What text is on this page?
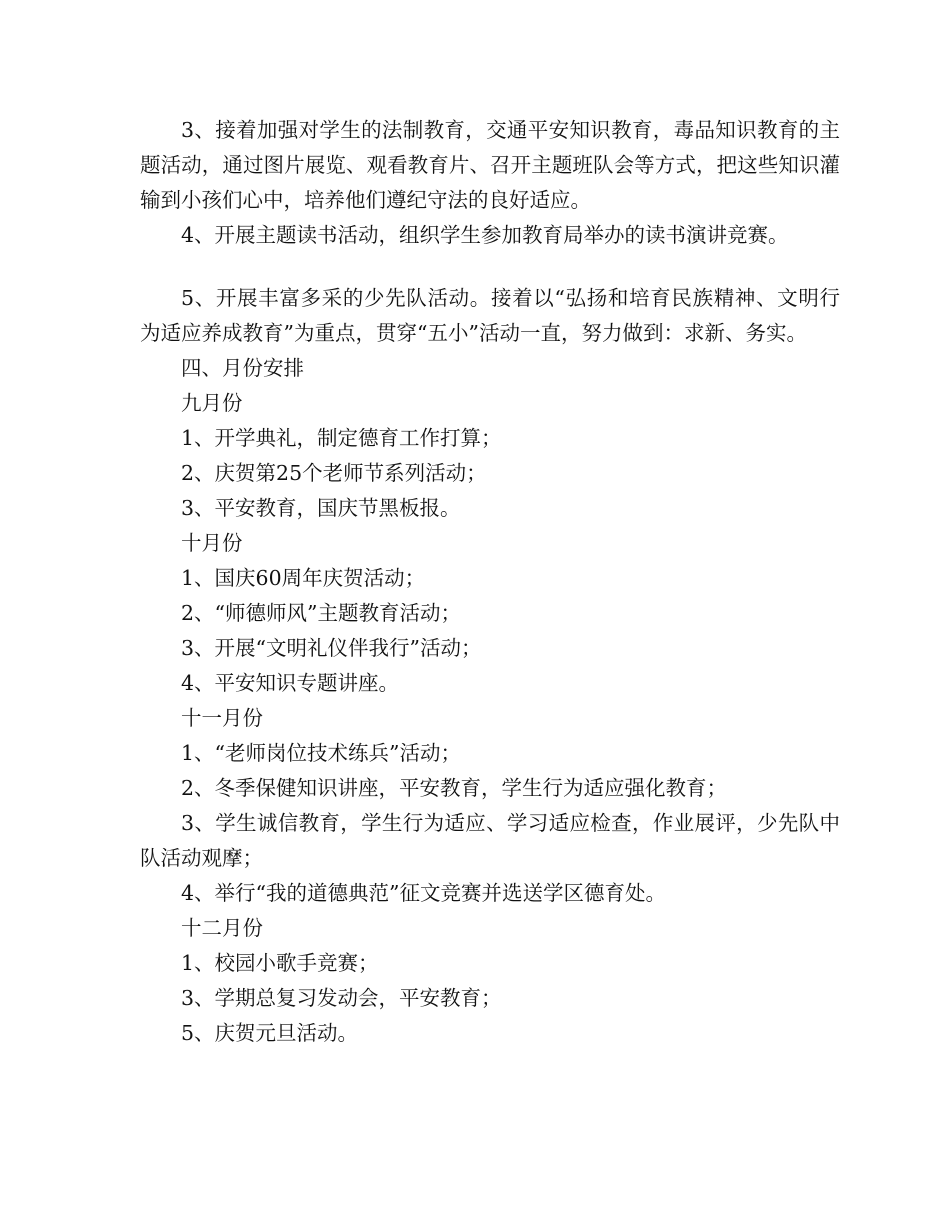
3、接着加强对学生的法制教育，交通平安知识教育，毒品知识教育的主题活动，通过图片展览、观看教育片、召开主题班队会等方式，把这些知识灌输到小孩们心中，培养他们遵纪守法的良好适应。

4、开展主题读书活动，组织学生参加教育局举办的读书演讲竞赛。

5、开展丰富多采的少先队活动。接着以“弘扬和培育民族精神、文明行为适应养成教育”为重点，贯穿“五小”活动一直，努力做到：求新、务实。

四、月份安排

九月份

1、开学典礼，制定德育工作打算；

2、庆贺第25个老师节系列活动；

3、平安教育，国庆节黑板报。

十月份

1、国庆60周年庆贺活动；

2、“师德师风”主题教育活动；

3、开展“文明礼仪伴我行”活动；

4、平安知识专题讲座。

十一月份

1、“老师岗位技术练兵”活动；

2、冬季保健知识讲座，平安教育，学生行为适应强化教育；

3、学生诚信教育，学生行为适应、学习适应检查，作业展评，少先队中队活动观摩；

4、举行“我的道德典范”征文竞赛并选送学区德育处。

十二月份

1、校园小歌手竞赛；

3、学期总复习发动会，平安教育；

5、庆贺元旦活动。
